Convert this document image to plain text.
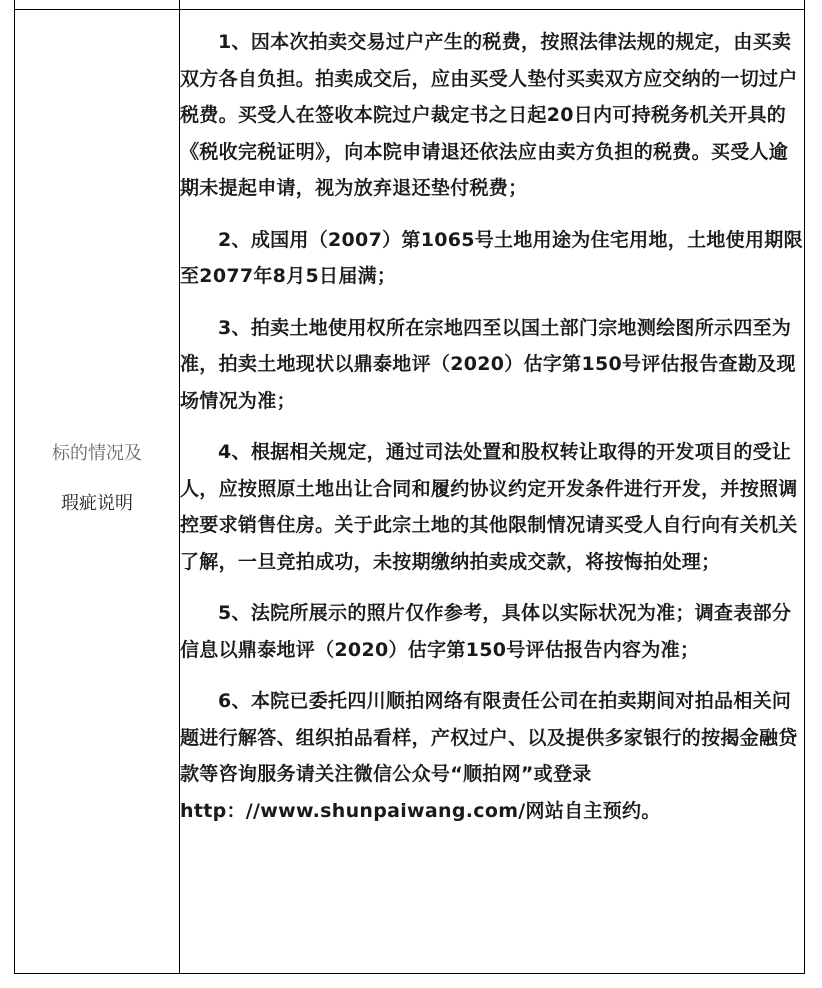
标的情况及
瑕疵说明

1、因本次拍卖交易过户产生的税费，按照法律法规的规定，由买卖双方各自负担。拍卖成交后，应由买受人垫付买卖双方应交纳的一切过户税费。买受人在签收本院过户裁定书之日起20日内可持税务机关开具的《税收完税证明》，向本院申请退还依法应由卖方负担的税费。买受人逾期未提起申请，视为放弃退还垫付税费；

2、成国用（2007）第1065号土地用途为住宅用地，土地使用期限至2077年8月5日届满；

3、拍卖土地使用权所在宗地四至以国土部门宗地测绘图所示四至为准，拍卖土地现状以鼎泰地评（2020）估字第150号评估报告查勘及现场情况为准；

4、根据相关规定，通过司法处置和股权转让取得的开发项目的受让人，应按照原土地出让合同和履约协议约定开发条件进行开发，并按照调控要求销售住房。关于此宗土地的其他限制情况请买受人自行向有关机关了解，一旦竞拍成功，未按期缴纳拍卖成交款，将按悔拍处理；

5、法院所展示的照片仅作参考，具体以实际状况为准；调查表部分信息以鼎泰地评（2020）估字第150号评估报告内容为准；

6、本院已委托四川顺拍网络有限责任公司在拍卖期间对拍品相关问题进行解答、组织拍品看样，产权过户、以及提供多家银行的按揭金融贷款等咨询服务请关注微信公众号“顺拍网”或登录http：//www.shunpaiwang.com/网站自主预约。
